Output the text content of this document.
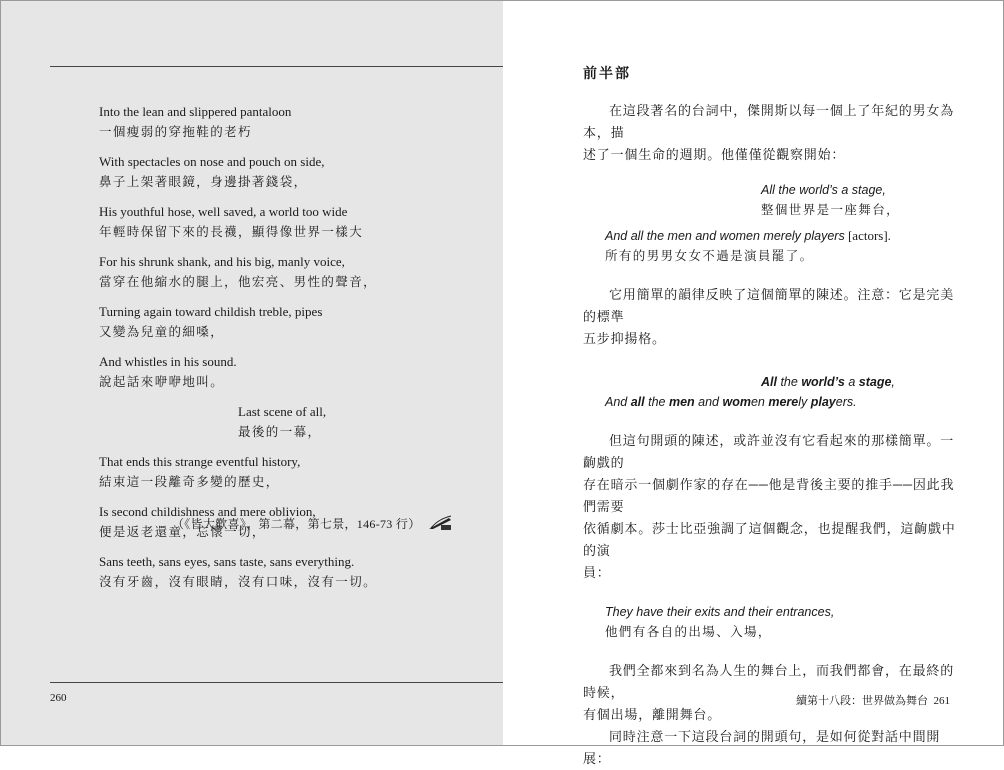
Into the lean and slippered pantaloon
一個瘦弱的穿拖鞋的老朽
With spectacles on nose and pouch on side,
鼻子上架著眼鏡，身邊掛著錢袋，
His youthful hose, well saved, a world too wide
年輕時保留下來的長襪，顯得像世界一樣大
For his shrunk shank, and his big, manly voice,
當穿在他縮水的腿上，他宏亮、男性的聲音，
Turning again toward childish treble, pipes
又變為兒童的細嗓，
And whistles in his sound.
說起話來咿咿地叫。
Last scene of all,
最後的一幕，
That ends this strange eventful history,
結束這一段離奇多變的歷史，
Is second childishness and mere oblivion,
便是返老還童，忘懷一切，
Sans teeth, sans eyes, sans taste, sans everything.
沒有牙齒，沒有眼睛，沒有口味，沒有一切。
（《皆大歡喜》，第二幕，第七景，146-73 行）
260
前半部
在這段著名的台詞中，傑開斯以每一個上了年紀的男女為本，描
述了一個生命的週期。他僅僅從觀察開始：
All the world’s a stage,
整個世界是一座舞台，
And all the men and women merely players [actors].
所有的男男女女不過是演員罷了。
它用簡單的韻律反映了這個簡單的陳述。注意：它是完美的標準
五步抑揚格。
All the world’s a stage,
And all the men and women merely players.
但這句開頭的陳述，或許並沒有它看起來的那樣簡單。一齣戲的
存在暗示一個劇作家的存在──他是背後主要的推手──因此我們需要
依循劇本。莎士比亞強調了這個觀念，也提醒我們，這齣戲中的演
員：
They have their exits and their entrances,
他們有各自的出場、入場，
我們全都來到名為人生的舞台上，而我們都會，在最終的時候，
有個出場，離開舞台。
同時注意一下這段台詞的開頭句，是如何從對話中間開展：
續第十八段：世界做為舞台 261
